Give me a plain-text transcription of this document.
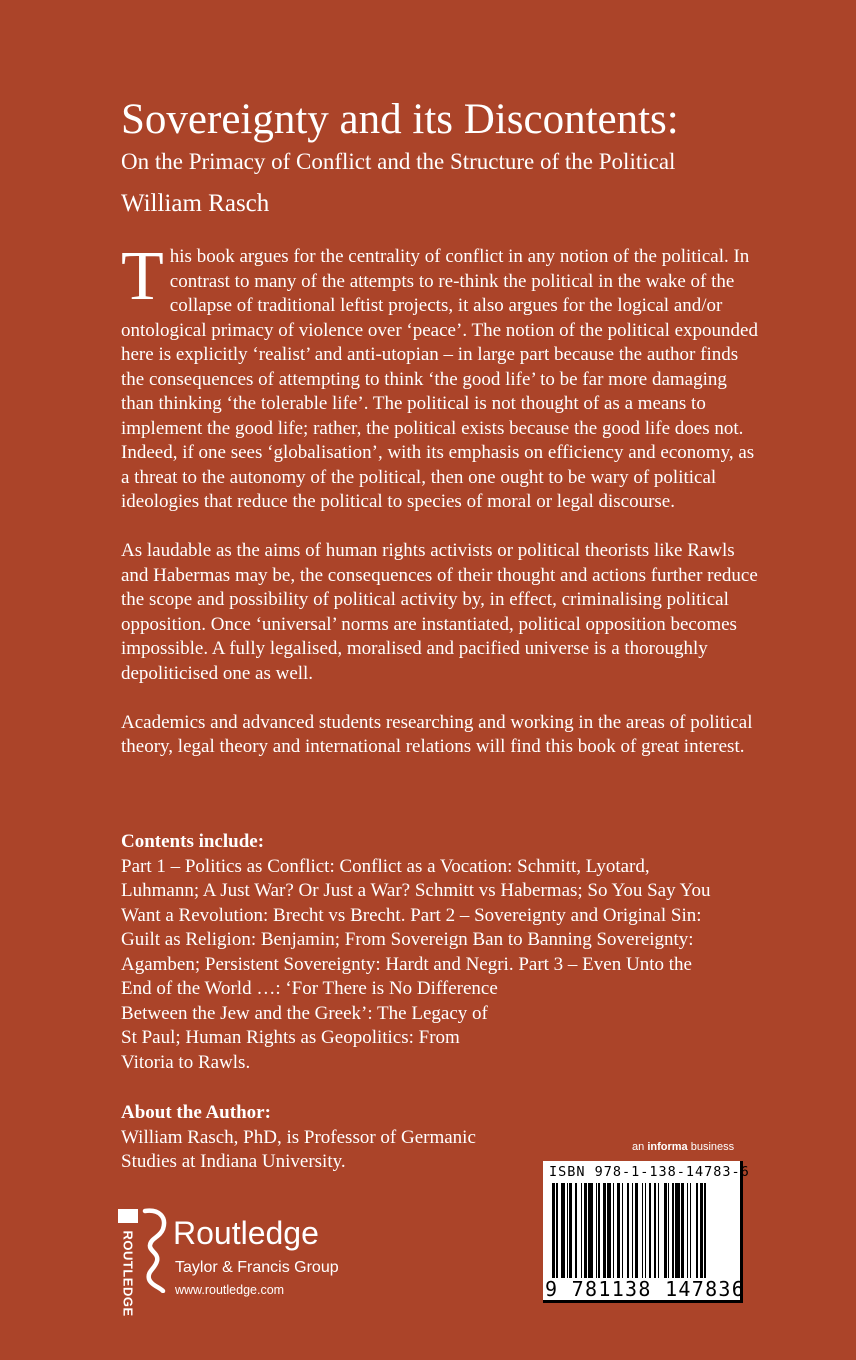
Sovereignty and its Discontents:
On the Primacy of Conflict and the Structure of the Political
William Rasch

This book argues for the centrality of conflict in any notion of the political. In contrast to many of the attempts to re-think the political in the wake of the collapse of traditional leftist projects, it also argues for the logical and/or ontological primacy of violence over ‘peace’. The notion of the political expounded here is explicitly ‘realist’ and anti-utopian – in large part because the author finds the consequences of attempting to think ‘the good life’ to be far more damaging than thinking ‘the tolerable life’. The political is not thought of as a means to implement the good life; rather, the political exists because the good life does not. Indeed, if one sees ‘globalisation’, with its emphasis on efficiency and economy, as a threat to the autonomy of the political, then one ought to be wary of political ideologies that reduce the political to species of moral or legal discourse.

As laudable as the aims of human rights activists or political theorists like Rawls and Habermas may be, the consequences of their thought and actions further reduce the scope and possibility of political activity by, in effect, criminalising political opposition. Once ‘universal’ norms are instantiated, political opposition becomes impossible. A fully legalised, moralised and pacified universe is a thoroughly depoliticised one as well.

Academics and advanced students researching and working in the areas of political theory, legal theory and international relations will find this book of great interest.

Contents include:

Part 1 – Politics as Conflict: Conflict as a Vocation: Schmitt, Lyotard,
Luhmann; A Just War? Or Just a War? Schmitt vs Habermas; So You Say You
Want a Revolution: Brecht vs Brecht. Part 2 – Sovereignty and Original Sin:
Guilt as Religion: Benjamin; From Sovereign Ban to Banning Sovereignty:
Agamben; Persistent Sovereignty: Hardt and Negri. Part 3 – Even Unto the
End of the World …: ‘For There is No Difference
Between the Jew and the Greek’: The Legacy of
St Paul; Human Rights as Geopolitics: From
Vitoria to Rawls.

About the Author:

William Rasch, PhD, is Professor of Germanic
Studies at Indiana University.
an informa business
ISBN 978-1-138-14783-6
9 781138 147836
ROUTLEDGE Routledge
Taylor & Francis Group
www.routledge.com
